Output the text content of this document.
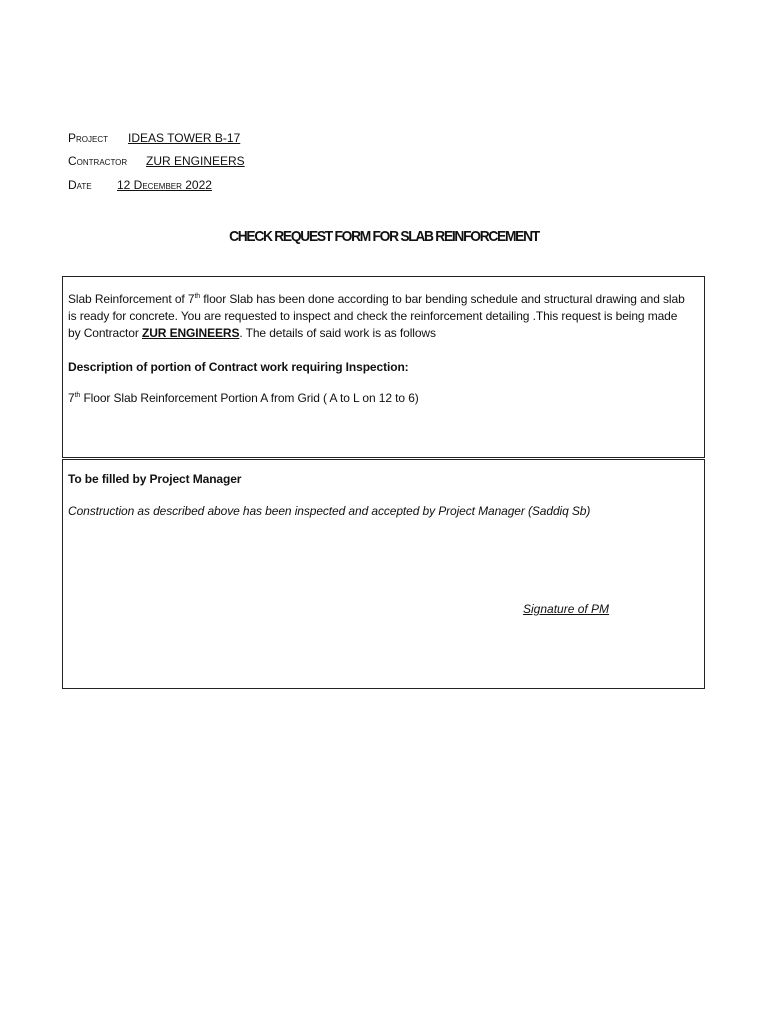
Project IDEAS TOWER B-17
Contractor ZUR ENGINEERS
Date 12 December 2022
CHECK REQUEST FORM FOR SLAB REINFORCEMENT
Slab Reinforcement of 7th floor Slab has been done according to bar bending schedule and structural drawing and slab is ready for concrete. You are requested to inspect and check the reinforcement detailing .This request is being made by Contractor ZUR ENGINEERS. The details of said work is as follows
Description of portion of Contract work requiring Inspection:
7th Floor Slab Reinforcement Portion A from Grid ( A to L on 12 to 6)
To be filled by Project Manager
Construction as described above has been inspected and accepted by Project Manager (Saddiq Sb)
Signature of PM
